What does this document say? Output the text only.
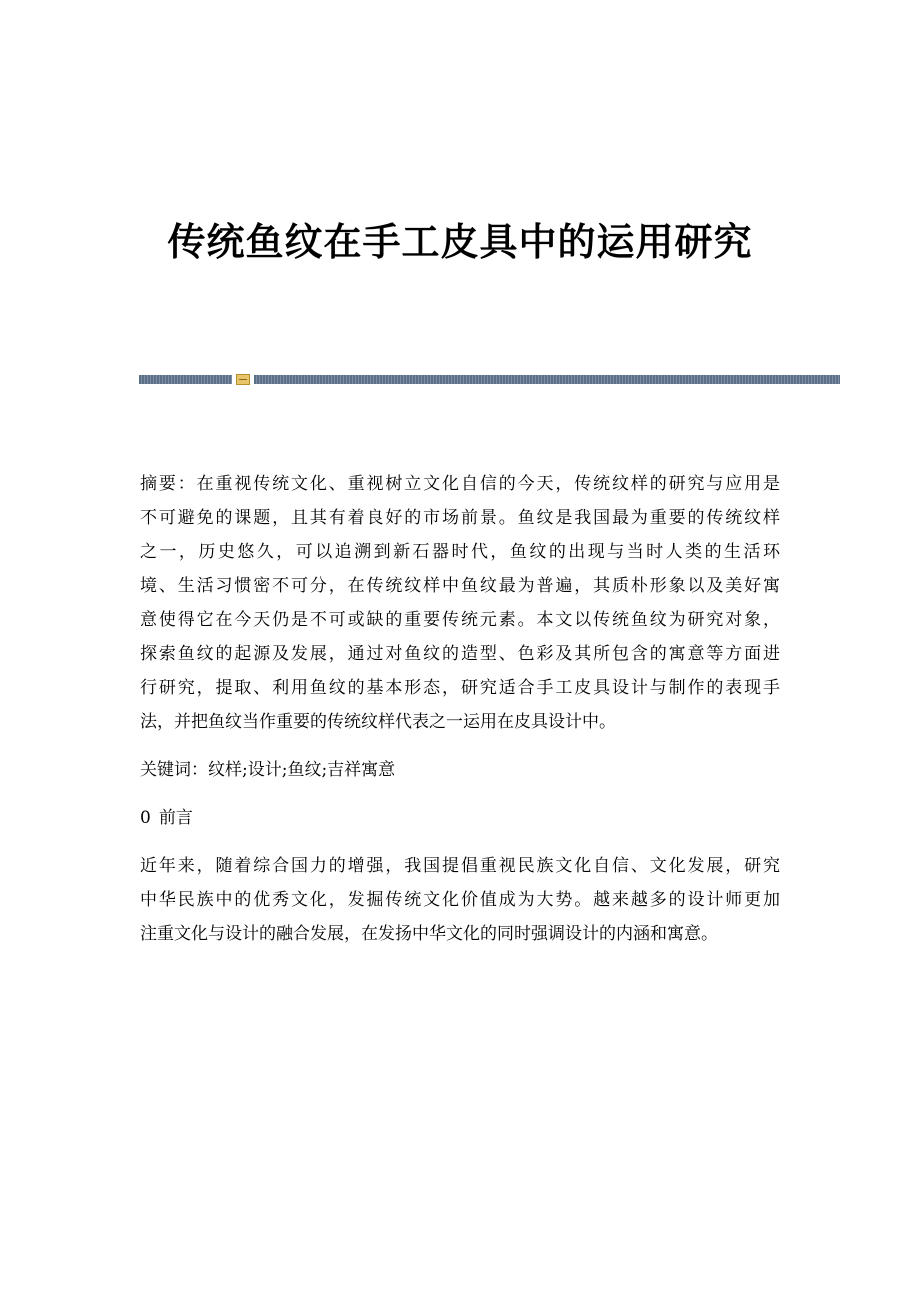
传统鱼纹在手工皮具中的运用研究
摘要：在重视传统文化、重视树立文化自信的今天，传统纹样的研究与应用是
不可避免的课题，且其有着良好的市场前景。鱼纹是我国最为重要的传统纹样
之一，历史悠久，可以追溯到新石器时代，鱼纹的出现与当时人类的生活环
境、生活习惯密不可分，在传统纹样中鱼纹最为普遍，其质朴形象以及美好寓
意使得它在今天仍是不可或缺的重要传统元素。本文以传统鱼纹为研究对象，
探索鱼纹的起源及发展，通过对鱼纹的造型、色彩及其所包含的寓意等方面进
行研究，提取、利用鱼纹的基本形态，研究适合手工皮具设计与制作的表现手
法，并把鱼纹当作重要的传统纹样代表之一运用在皮具设计中。
关键词：纹样;设计;鱼纹;吉祥寓意
0 前言
近年来，随着综合国力的增强，我国提倡重视民族文化自信、文化发展，研究
中华民族中的优秀文化，发掘传统文化价值成为大势。越来越多的设计师更加
注重文化与设计的融合发展，在发扬中华文化的同时强调设计的内涵和寓意。
